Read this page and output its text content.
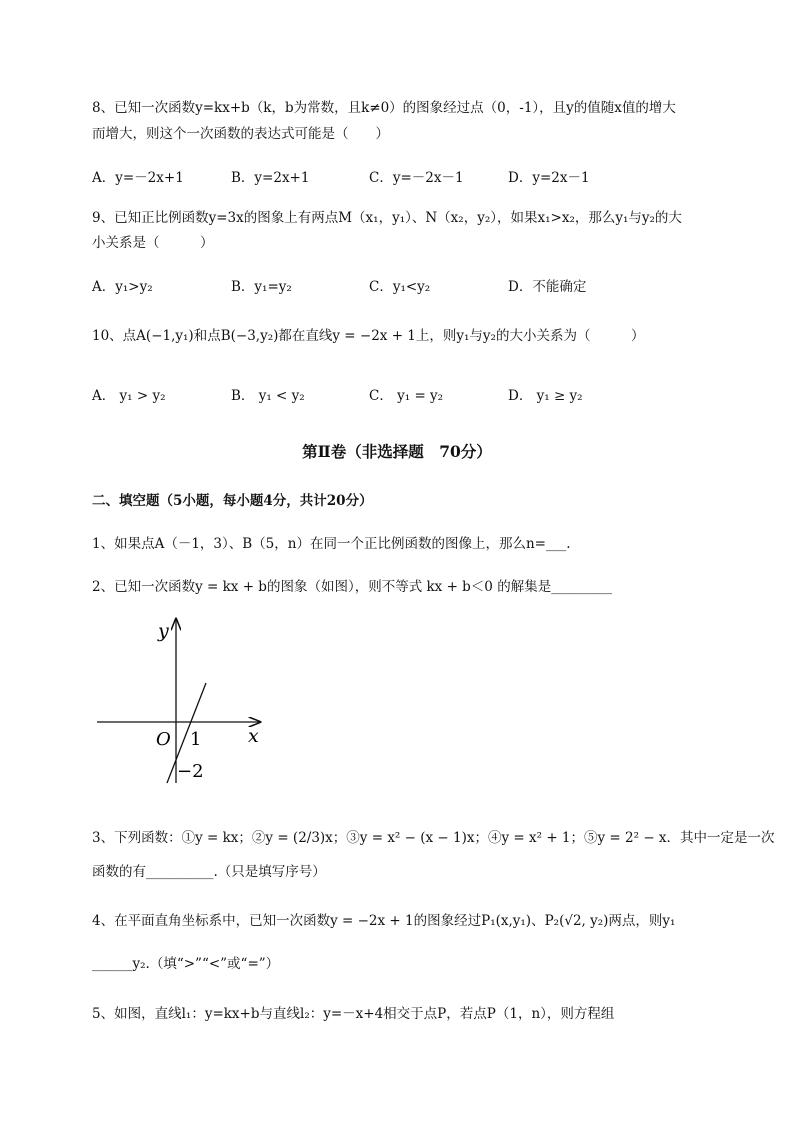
8、已知一次函数y=kx+b（k，b为常数，且k≠0）的图象经过点（0，-1），且y的值随x值的增大
而增大，则这个一次函数的表达式可能是（　　）
A．y=－2x+1	B．y=2x+1	C．y=－2x－1	D．y=2x－1
9、已知正比例函数y=3x的图象上有两点M（x₁，y₁）、N（x₂，y₂），如果x₁>x₂，那么y₁与y₂的大
小关系是（　　　）
A．y₁>y₂	B．y₁=y₂	C．y₁<y₂	D．不能确定
10、点A(−1,y₁)和点B(−3,y₂)都在直线y = −2x + 1上，则y₁与y₂的大小关系为（　　　）
A． y₁ > y₂	B． y₁ < y₂	C． y₁ = y₂	D． y₁ ≥ y₂
第Ⅱ卷（非选择题　70分）
二、填空题（5小题，每小题4分，共计20分）
1、如果点A（－1，3）、B（5，n）在同一个正比例函数的图像上，那么n=___.
2、已知一次函数y = kx + b的图象（如图），则不等式 kx + b＜0 的解集是_________
y
x
O 1
−2
3、下列函数：①y = kx；②y = (2/3)x；③y = x² − (x − 1)x；④y = x² + 1；⑤y = 2² − x．其中一定是一次
函数的有__________.（只是填写序号）
4、在平面直角坐标系中，已知一次函数y = −2x + 1的图象经过P₁(x,y₁)、P₂(√2, y₂)两点，则y₁
______y₂.（填“>”“<”或“=”）
5、如图，直线l₁：y=kx+b与直线l₂：y=－x+4相交于点P，若点P（1，n），则方程组
